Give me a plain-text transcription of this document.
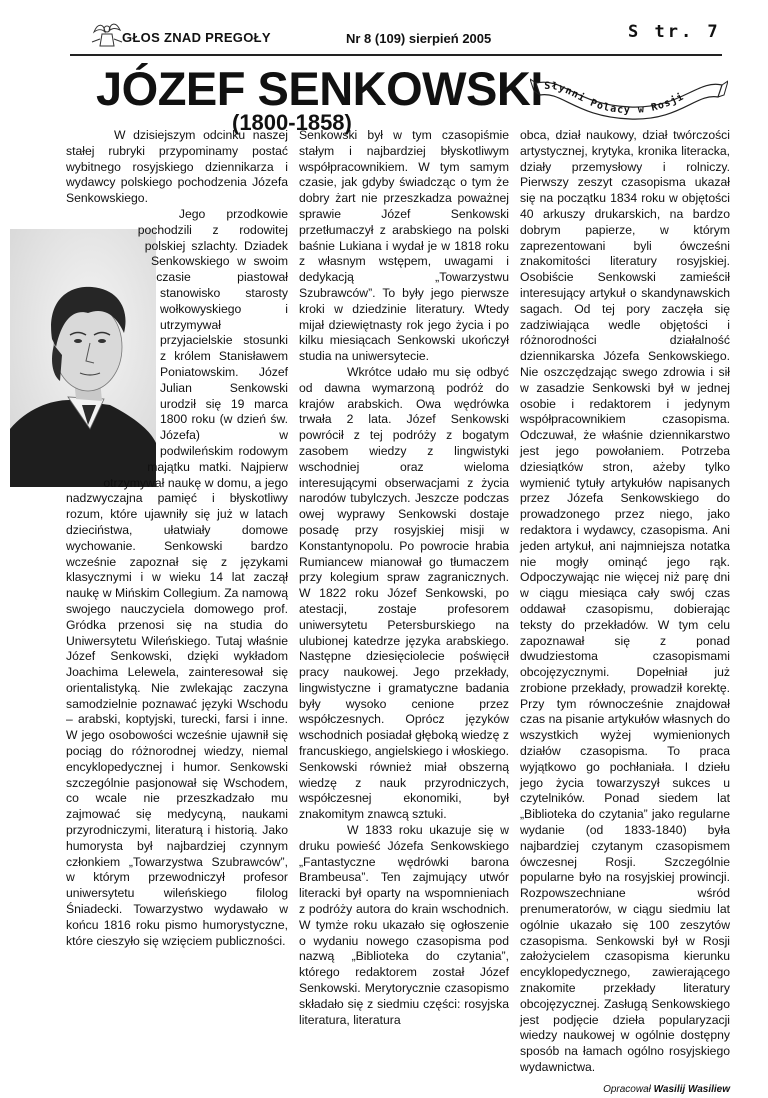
GŁOS ZNAD PREGOŁY	Nr 8 (109) sierpień 2005	S tr. 7
JÓZEF SENKOWSKI
(1800-1858)
Słynni Polacy w Rosji

W dzisiejszym odcinku naszej stałej rubryki przypominamy postać wybitnego rosyjskiego dziennikarza i wydawcy polskiego pochodzenia Józefa Senkowskiego.

Jego przodkowie pochodzili z rodowitej polskiej szlachty. Dziadek Senkowskiego w swoim czasie piastował stanowisko starosty wołkowyskiego i utrzymywał przyjacielskie stosunki z królem Stanisławem Poniatowskim. Józef Julian Senkowski urodził się 19 marca 1800 roku (w dzień św. Józefa) w podwileńskim rodowym majątku matki. Najpierw otrzymywał naukę w domu, a jego nadzwyczajna pamięć i błyskotliwy rozum, które ujawniły się już w latach dzieciństwa, ułatwiały domowe wychowanie. Senkowski bardzo wcześnie zapoznał się z językami klasycznymi i w wieku 14 lat zaczął naukę w Mińskim Collegium. Za namową swojego nauczyciela domowego prof. Gródka przenosi się na studia do Uniwersytetu Wileńskiego. Tutaj właśnie Józef Senkowski, dzięki wykładom Joachima Lelewela, zainteresował się orientalistyką. Nie zwlekając zaczyna samodzielnie poznawać języki Wschodu – arabski, koptyjski, turecki, farsi i inne. W jego osobowości wcześnie ujawnił się pociąg do różnorodnej wiedzy, niemal encyklopedycznej i humor. Senkowski szczególnie pasjonował się Wschodem, co wcale nie przeszkadzało mu zajmować się medycyną, naukami przyrodniczymi, literaturą i historią. Jako humorysta był najbardziej czynnym członkiem „Towarzystwa Szubrawców”, w którym przewodniczył profesor uniwersytetu wileńskiego filolog Śniadecki. Towarzystwo wydawało w końcu 1816 roku pismo humorystyczne, które cieszyło się wzięciem publiczności.

Senkowski był w tym czasopiśmie stałym i najbardziej błyskotliwym współpracownikiem. W tym samym czasie, jak gdyby świadcząc o tym że dobry żart nie przeszkadza poważnej sprawie Józef Senkowski przetłumaczył z arabskiego na polski baśnie Lukiana i wydał je w 1818 roku z własnym wstępem, uwagami i dedykacją „Towarzystwu Szubrawców”. To były jego pierwsze kroki w dziedzinie literatury. Wtedy mijał dziewiętnasty rok jego życia i po kilku miesiącach Senkowski ukończył studia na uniwersytecie.

Wkrótce udało mu się odbyć od dawna wymarzoną podróż do krajów arabskich. Owa wędrówka trwała 2 lata. Józef Senkowski powrócił z tej podróży z bogatym zasobem wiedzy z lingwistyki wschodniej oraz wieloma interesującymi obserwacjami z życia narodów tubylczych. Jeszcze podczas owej wyprawy Senkowski dostaje posadę przy rosyjskiej misji w Konstantynopolu. Po powrocie hrabia Rumiancew mianował go tłumaczem przy kolegium spraw zagranicznych. W 1822 roku Józef Senkowski, po atestacji, zostaje profesorem uniwersytetu Petersburskiego na ulubionej katedrze języka arabskiego. Następne dziesięciolecie poświęcił pracy naukowej. Jego przekłady, lingwistyczne i gramatyczne badania były wysoko cenione przez współczesnych. Oprócz języków wschodnich posiadał głęboką wiedzę z francuskiego, angielskiego i włoskiego. Senkowski również miał obszerną wiedzę z nauk przyrodniczych, współczesnej ekonomiki, był znakomitym znawcą sztuki.

W 1833 roku ukazuje się w druku powieść Józefa Senkowskiego „Fantastyczne wędrówki barona Brambeusa”. Ten zajmujący utwór literacki był oparty na wspomnieniach z podróży autora do krain wschodnich. W tymże roku ukazało się ogłoszenie o wydaniu nowego czasopisma pod nazwą „Biblioteka do czytania”, którego redaktorem został Józef Senkowski. Merytorycznie czasopismo składało się z siedmiu części: rosyjska literatura, literatura

obca, dział naukowy, dział twórczości artystycznej, krytyka, kronika literacka, działy przemysłowy i rolniczy. Pierwszy zeszyt czasopisma ukazał się na początku 1834 roku w objętości 40 arkuszy drukarskich, na bardzo dobrym papierze, w którym zaprezentowani byli ówcześni znakomitości literatury rosyjskiej. Osobiście Senkowski zamieścił interesujący artykuł o skandynawskich sagach. Od tej pory zaczęła się zadziwiająca wedle objętości i różnorodności działalność dziennikarska Józefa Senkowskiego. Nie oszczędzając swego zdrowia i sił w zasadzie Senkowski był w jednej osobie i redaktorem i jedynym współpracownikiem czasopisma. Odczuwał, że właśnie dziennikarstwo jest jego powołaniem. Potrzeba dziesiątków stron, ażeby tylko wymienić tytuły artykułów napisanych przez Józefa Senkowskiego do prowadzonego przez niego, jako redaktora i wydawcy, czasopisma. Ani jeden artykuł, ani najmniejsza notatka nie mogły ominąć jego rąk. Odpoczywając nie więcej niż parę dni w ciągu miesiąca cały swój czas oddawał czasopismu, dobierając teksty do przekładów. W tym celu zapoznawał się z ponad dwudziestoma czasopismami obcojęzycznymi. Dopełniał już zrobione przekłady, prowadził korektę. Przy tym równocześnie znajdował czas na pisanie artykułów własnych do wszystkich wyżej wymienionych działów czasopisma. To praca wyjątkowo go pochłaniała. I dziełu jego życia towarzyszył sukces u czytelników. Ponad siedem lat „Biblioteka do czytania” jako regularne wydanie (od 1833-1840) była najbardziej czytanym czasopismem ówczesnej Rosji. Szczególnie popularne było na rosyjskiej prowincji. Rozpowszechniane wśród prenumeratorów, w ciągu siedmiu lat ogólnie ukazało się 100 zeszytów czasopisma. Senkowski był w Rosji założycielem czasopisma kierunku encyklopedycznego, zawierającego znakomite przekłady literatury obcojęzycznej. Zasługą Senkowskiego jest podjęcie dzieła popularyzacji wiedzy naukowej w ogólnie dostępny sposób na łamach ogólno rosyjskiego wydawnictwa.

Opracował Wasilij Wasiliew
